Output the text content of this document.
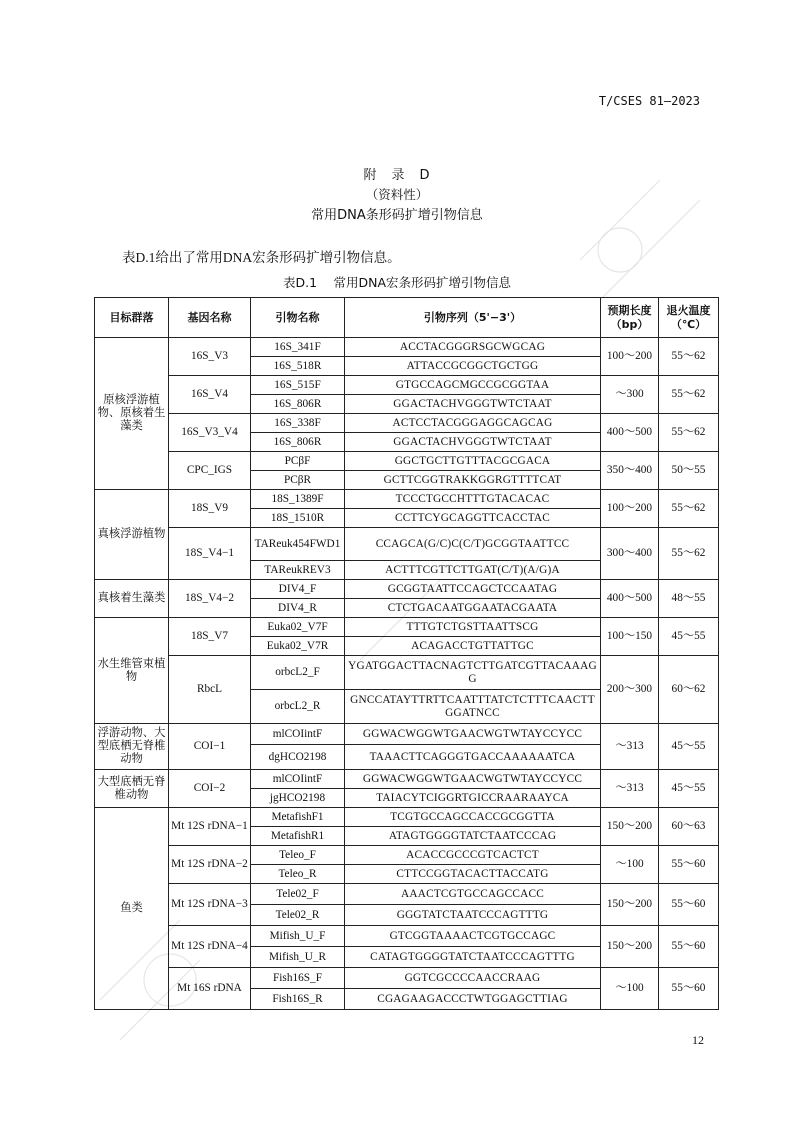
T/CSES 81—2023
附　录　D
（资料性）
常用DNA条形码扩增引物信息
表D.1给出了常用DNA宏条形码扩增引物信息。
表D.1　 常用DNA宏条形码扩增引物信息
目标群落	基因名称	引物名称	引物序列（5'−3'）	预期长度（bp）	退火温度（℃）
原核浮游植物、原核着生藻类	16S_V3	16S_341F	ACCTACGGGRSGCWGCAG	100～200	55～62
		16S_518R	ATTACCGCGGCTGCTGG		
	16S_V4	16S_515F	GTGCCAGCMGCCGCGGTAA	～300	55～62
		16S_806R	GGACTACHVGGGTWTCTAAT		
	16S_V3_V4	16S_338F	ACTCCTACGGGAGGCAGCAG	400～500	55～62
		16S_806R	GGACTACHVGGGTWTCTAAT		
	CPC_IGS	PCβF	GGCTGCTTGTTTACGCGACA	350～400	50～55
		PCβR	GCTTCGGTRAKKGGRGTTTTCAT		
真核浮游植物	18S_V9	18S_1389F	TCCCTGCCHTTTGTACACAC	100～200	55～62
		18S_1510R	CCTTCYGCAGGTTCACCTAC		
	18S_V4−1	TAReuk454FWD1	CCAGCA(G/C)C(C/T)GCGGTAATTCC	300～400	55～62
		TAReukREV3	ACTTTCGTTCTTGAT(C/T)(A/G)A		
真核着生藻类	18S_V4−2	DIV4_F	GCGGTAATTCCAGCTCCAATAG	400～500	48～55
		DIV4_R	CTCTGACAATGGAATACGAATA		
水生维管束植物	18S_V7	Euka02_V7F	TTTGTCTGSTTAATTSCG	100～150	45～55
		Euka02_V7R	ACAGACCTGTTATTGC		
	RbcL	orbcL2_F	YGATGGACTTACNAGTCTTGATCGTTACAAAGG	200～300	60～62
		orbcL2_R	GNCCATAYTTRTTCAATTTATCTCTTTCAACTTGGATNCC		
浮游动物、大型底栖无脊椎动物	COI−1	mlCOIintF	GGWACWGGWTGAACWGTWTAYCCYCC	～313	45～55
		dgHCO2198	TAAACTTCAGGGTGACCAAAAAATCA		
大型底栖无脊椎动物	COI−2	mlCOIintF	GGWACWGGWTGAACWGTWTAYCCYCC	～313	45～55
		jgHCO2198	TAIACYTCIGGRTGICCRAARAAYCA		
鱼类	Mt 12S rDNA−1	MetafishF1	TCGTGCCAGCCACCGCGGTTA	150～200	60～63
		MetafishR1	ATAGTGGGGTATCTAATCCCAG		
	Mt 12S rDNA−2	Teleo_F	ACACCGCCCGTCACTCT	～100	55～60
		Teleo_R	CTTCCGGTACACTTACCATG		
	Mt 12S rDNA−3	Tele02_F	AAACTCGTGCCAGCCACC	150～200	55～60
		Tele02_R	GGGTATCTAATCCCAGTTTG		
	Mt 12S rDNA−4	Mifish_U_F	GTCGGTAAAACTCGTGCCAGC	150～200	55～60
		Mifish_U_R	CATAGTGGGGTATCTAATCCCAGTTTG		
	Mt 16S rDNA	Fish16S_F	GGTCGCCCCAACCRAAG	～100	55～60
		Fish16S_R	CGAGAAGACCCTWTGGAGCTTIAG		
12
